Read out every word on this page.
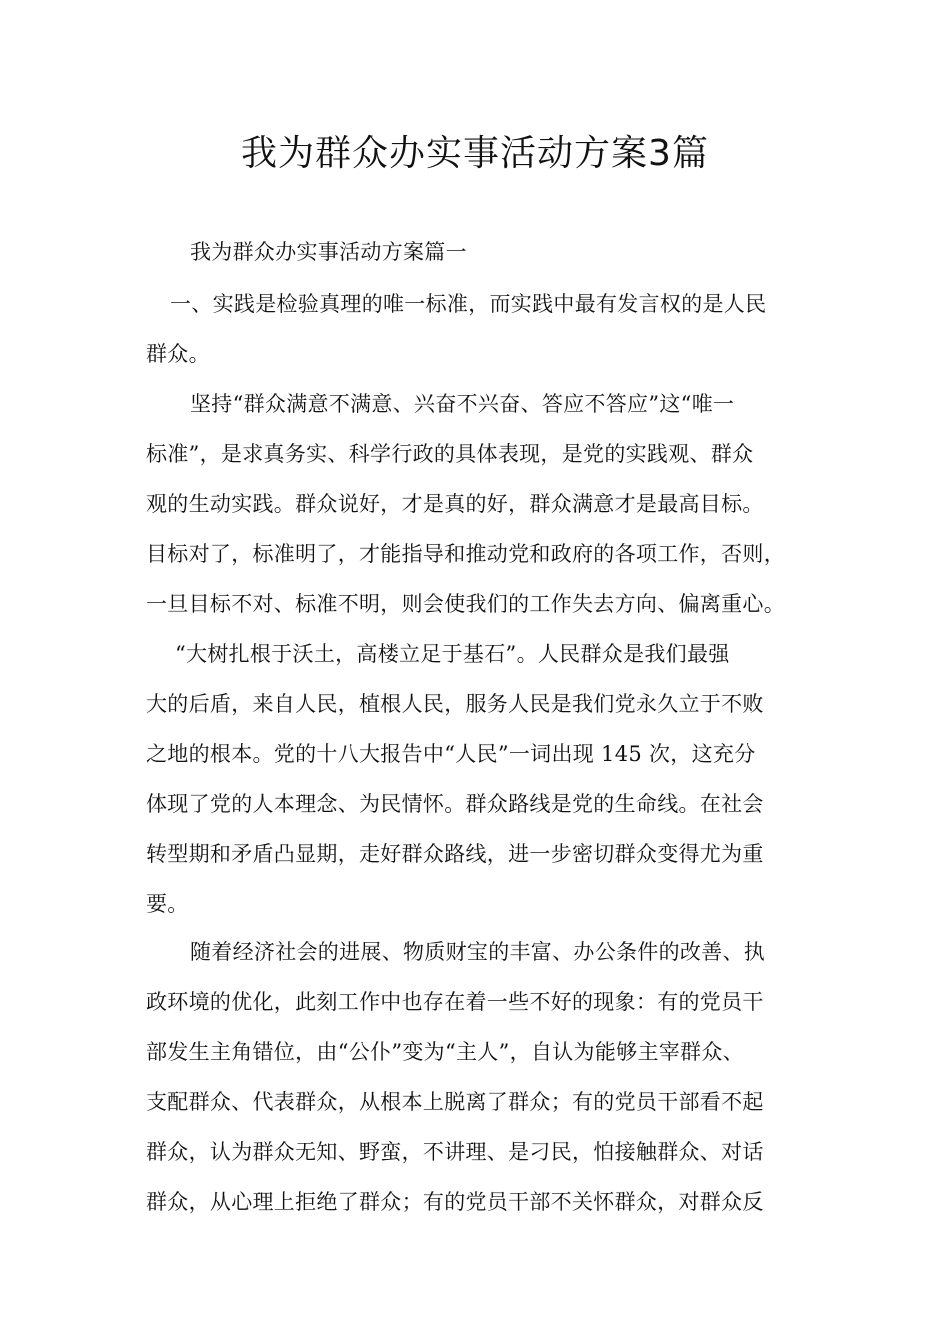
我为群众办实事活动方案3篇
我为群众办实事活动方案篇一
一、实践是检验真理的唯一标准，而实践中最有发言权的是人民
群众。
坚持“群众满意不满意、兴奋不兴奋、答应不答应”这“唯一
标准”，是求真务实、科学行政的具体表现，是党的实践观、群众
观的生动实践。群众说好，才是真的好，群众满意才是最高目标。
目标对了，标准明了，才能指导和推动党和政府的各项工作，否则，
一旦目标不对、标准不明，则会使我们的工作失去方向、偏离重心。
“大树扎根于沃土，高楼立足于基石”。人民群众是我们最强
大的后盾，来自人民，植根人民，服务人民是我们党永久立于不败
之地的根本。党的十八大报告中“人民”一词出现 145 次，这充分
体现了党的人本理念、为民情怀。群众路线是党的生命线。在社会
转型期和矛盾凸显期，走好群众路线，进一步密切群众变得尤为重
要。
随着经济社会的进展、物质财宝的丰富、办公条件的改善、执
政环境的优化，此刻工作中也存在着一些不好的现象：有的党员干
部发生主角错位，由“公仆”变为“主人”，自认为能够主宰群众、
支配群众、代表群众，从根本上脱离了群众；有的党员干部看不起
群众，认为群众无知、野蛮，不讲理、是刁民，怕接触群众、对话
群众，从心理上拒绝了群众；有的党员干部不关怀群众，对群众反
